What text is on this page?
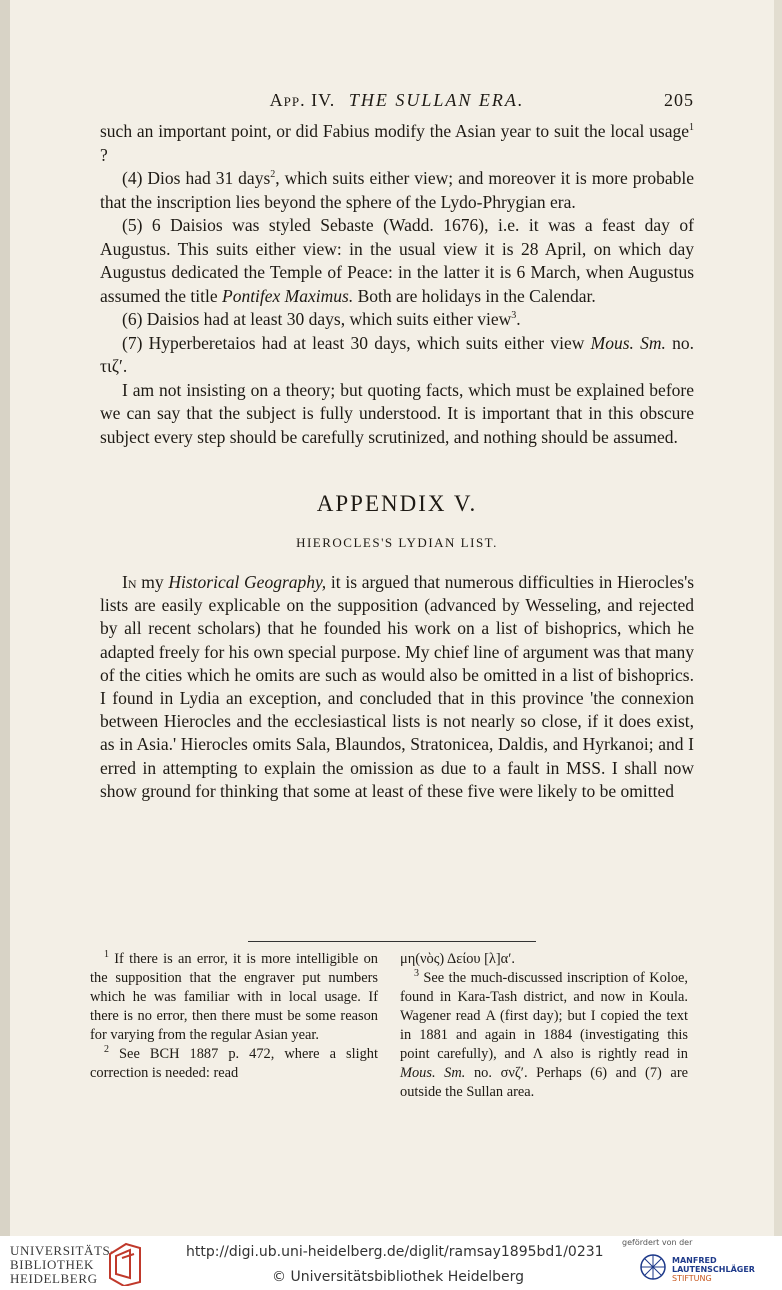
App. IV. THE SULLAN ERA.	205

such an important point, or did Fabius modify the Asian year to suit the local usage$^1$ ?

(4) Dios had 31 days$^2$, which suits either view; and moreover it is more probable that the inscription lies beyond the sphere of the Lydo-Phrygian era.

(5) 6 Daisios was styled Sebaste (Wadd. 1676), i.e. it was a feast day of Augustus. This suits either view: in the usual view it is 28 April, on which day Augustus dedicated the Temple of Peace: in the latter it is 6 March, when Augustus assumed the title Pontifex Maximus. Both are holidays in the Calendar.

(6) Daisios had at least 30 days, which suits either view$^3$.

(7) Hyperberetaios had at least 30 days, which suits either view Mous. Sm. no. τιζ′.

I am not insisting on a theory; but quoting facts, which must be explained before we can say that the subject is fully understood. It is important that in this obscure subject every step should be carefully scrutinized, and nothing should be assumed.

APPENDIX V.
HIEROCLES'S LYDIAN LIST.

In my Historical Geography, it is argued that numerous difficulties in Hierocles's lists are easily explicable on the supposition (advanced by Wesseling, and rejected by all recent scholars) that he founded his work on a list of bishoprics, which he adapted freely for his own special purpose. My chief line of argument was that many of the cities which he omits are such as would also be omitted in a list of bishoprics. I found in Lydia an exception, and concluded that in this province 'the connexion between Hierocles and the ecclesiastical lists is not nearly so close, if it does exist, as in Asia.' Hierocles omits Sala, Blaundos, Stratonicea, Daldis, and Hyrkanoi; and I erred in attempting to explain the omission as due to a fault in MSS. I shall now show ground for thinking that some at least of these five were likely to be omitted

$^1$ If there is an error, it is more intelligible on the supposition that the engraver put numbers which he was familiar with in local usage. If there is no error, then there must be some reason for varying from the regular Asian year.

$^2$ See BCH 1887 p. 472, where a slight correction is needed: read

μη(νὸς) Δείου [λ]α′.

$^3$ See the much-discussed inscription of Koloe, found in Kara-Tash district, and now in Koula. Wagener read Α (first day); but I copied the text in 1881 and again in 1884 (investigating this point carefully), and Λ also is rightly read in Mous. Sm. no. σνζ′. Perhaps (6) and (7) are outside the Sullan area.

UNIVERSITÄTS-
BIBLIOTHEK
HEIDELBERG
http://digi.ub.uni-heidelberg.de/diglit/ramsay1895bd1/0231
© Universitätsbibliothek Heidelberg
gefördert von der
MANFRED
LAUTENSCHLÄGER
STIFTUNG
